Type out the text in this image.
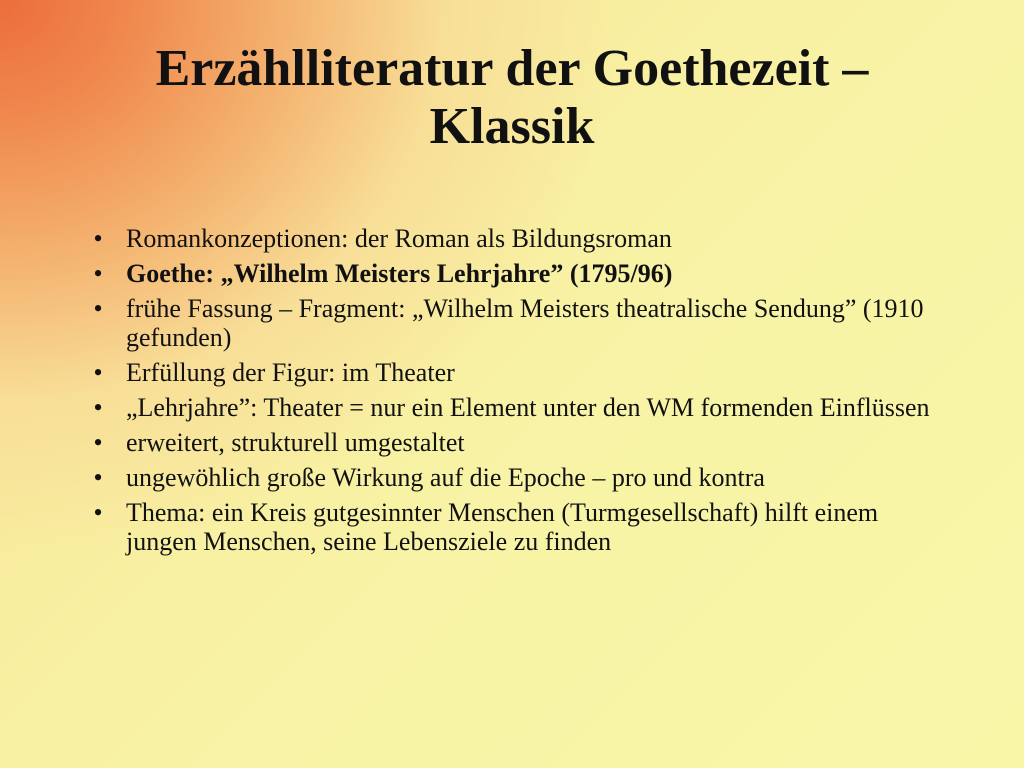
Erzählliteratur der Goethezeit –
Klassik
• Romankonzeptionen: der Roman als Bildungsroman
• Goethe: „Wilhelm Meisters Lehrjahre” (1795/96)
• frühe Fassung – Fragment: „Wilhelm Meisters theatralische Sendung” (1910 gefunden)
• Erfüllung der Figur: im Theater
• „Lehrjahre”: Theater = nur ein Element unter den WM formenden Einflüssen
• erweitert, strukturell umgestaltet
• ungewöhlich große Wirkung auf die Epoche – pro und kontra
• Thema: ein Kreis gutgesinnter Menschen (Turmgesellschaft) hilft einem jungen Menschen, seine Lebensziele zu finden
